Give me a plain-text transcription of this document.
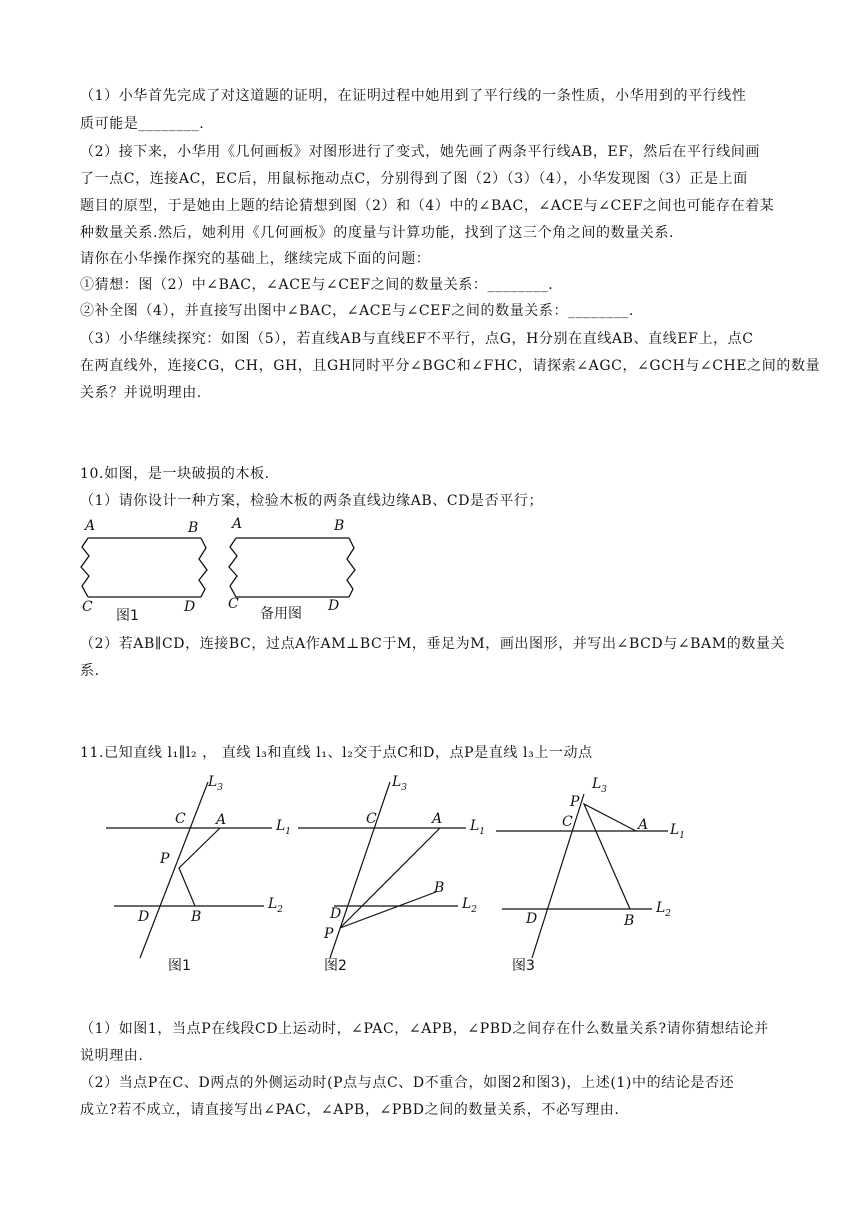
（1）小华首先完成了对这道题的证明，在证明过程中她用到了平行线的一条性质，小华用到的平行线性
质可能是________.
（2）接下来，小华用《几何画板》对图形进行了变式，她先画了两条平行线AB，EF，然后在平行线间画
了一点C，连接AC，EC后，用鼠标拖动点C，分别得到了图（2）（3）（4），小华发现图（3）正是上面
题目的原型，于是她由上题的结论猜想到图（2）和（4）中的∠BAC，∠ACE与∠CEF之间也可能存在着某
种数量关系.然后，她利用《几何画板》的度量与计算功能，找到了这三个角之间的数量关系.
请你在小华操作探究的基础上，继续完成下面的问题：
①猜想：图（2）中∠BAC，∠ACE与∠CEF之间的数量关系：________.
②补全图（4），并直接写出图中∠BAC，∠ACE与∠CEF之间的数量关系：________.
（3）小华继续探究：如图（5），若直线AB与直线EF不平行，点G，H分别在直线AB、直线EF上，点C
在两直线外，连接CG，CH，GH，且GH同时平分∠BGC和∠FHC，请探索∠AGC，∠GCH与∠CHE之间的数量
关系？并说明理由.
10.如图，是一块破损的木板.
（1）请你设计一种方案，检验木板的两条直线边缘AB、CD是否平行；
A	B
C	D
图1
A	B
C	D
备用图
（2）若AB∥CD，连接BC，过点A作AM⊥BC于M，垂足为M，画出图形，并写出∠BCD与∠BAM的数量关
系.
11.已知直线 l₁∥l₂ ， 直线 l₃和直线 l₁、l₂交于点C和D，点P是直线 l₃上一动点
$L_3$
$L_1$
$L_2$
C A
P
D	B
图1
$L_3$
$L_1$
$L_2$
C	A
P
D
B
图2
$L_3$
$L_1$
$L_2$
C	A
P
D	B
图3
（1）如图1，当点P在线段CD上运动时，∠PAC，∠APB，∠PBD之间存在什么数量关系?请你猜想结论并
说明理由.
（2）当点P在C、D两点的外侧运动时(P点与点C、D不重合，如图2和图3)，上述(1)中的结论是否还
成立?若不成立，请直接写出∠PAC，∠APB，∠PBD之间的数量关系，不必写理由.
